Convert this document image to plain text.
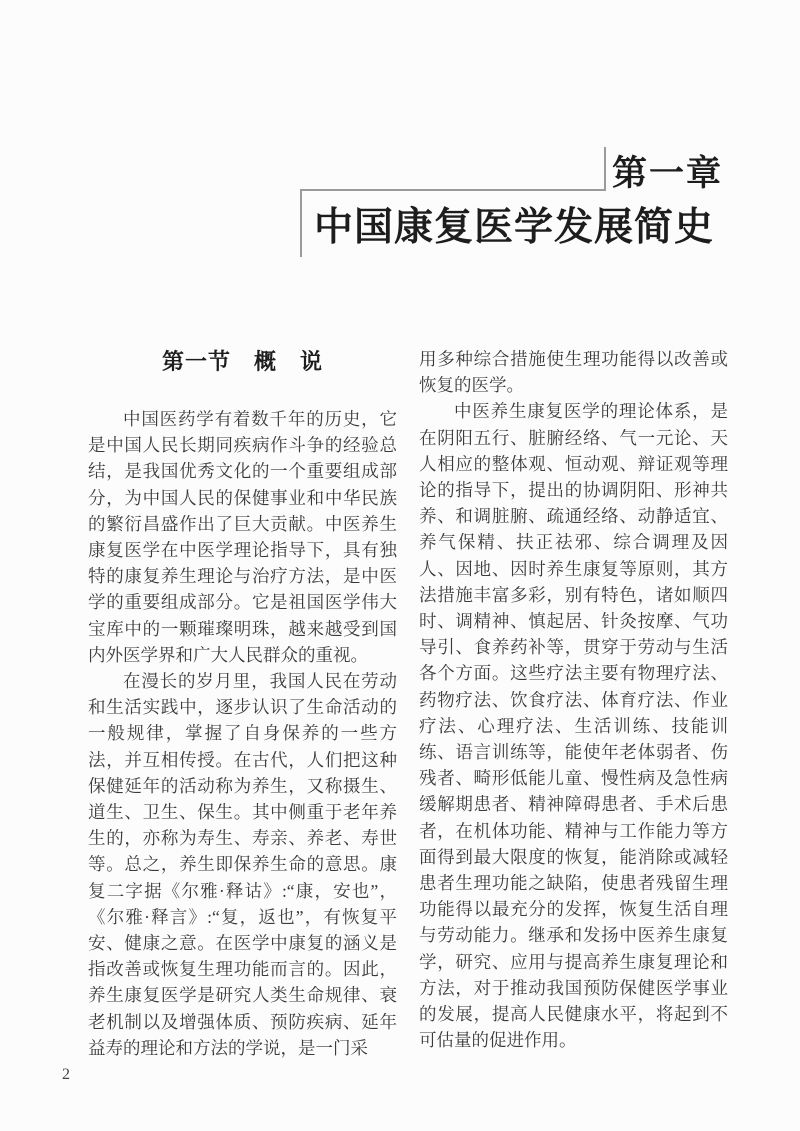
第一章
中国康复医学发展简史
第一节　概　说

中国医药学有着数千年的历史，它是中国人民长期同疾病作斗争的经验总结，是我国优秀文化的一个重要组成部分，为中国人民的保健事业和中华民族的繁衍昌盛作出了巨大贡献。中医养生康复医学在中医学理论指导下，具有独特的康复养生理论与治疗方法，是中医学的重要组成部分。它是祖国医学伟大宝库中的一颗璀璨明珠，越来越受到国内外医学界和广大人民群众的重视。

在漫长的岁月里，我国人民在劳动和生活实践中，逐步认识了生命活动的一般规律，掌握了自身保养的一些方法，并互相传授。在古代，人们把这种保健延年的活动称为养生，又称摄生、道生、卫生、保生。其中侧重于老年养生的，亦称为寿生、寿亲、养老、寿世等。总之，养生即保养生命的意思。康复二字据《尔雅·释诂》:“康，安也”，《尔雅·释言》:“复，返也”，有恢复平安、健康之意。在医学中康复的涵义是指改善或恢复生理功能而言的。因此，养生康复医学是研究人类生命规律、衰老机制以及增强体质、预防疾病、延年益寿的理论和方法的学说，是一门采

用多种综合措施使生理功能得以改善或恢复的医学。

中医养生康复医学的理论体系，是在阴阳五行、脏腑经络、气一元论、天人相应的整体观、恒动观、辩证观等理论的指导下，提出的协调阴阳、形神共养、和调脏腑、疏通经络、动静适宜、养气保精、扶正祛邪、综合调理及因人、因地、因时养生康复等原则，其方法措施丰富多彩，别有特色，诸如顺四时、调精神、慎起居、针灸按摩、气功导引、食养药补等，贯穿于劳动与生活各个方面。这些疗法主要有物理疗法、药物疗法、饮食疗法、体育疗法、作业疗法、心理疗法、生活训练、技能训练、语言训练等，能使年老体弱者、伤残者、畸形低能儿童、慢性病及急性病缓解期患者、精神障碍患者、手术后患者，在机体功能、精神与工作能力等方面得到最大限度的恢复，能消除或减轻患者生理功能之缺陷，使患者残留生理功能得以最充分的发挥，恢复生活自理与劳动能力。继承和发扬中医养生康复学，研究、应用与提高养生康复理论和方法，对于推动我国预防保健医学事业的发展，提高人民健康水平，将起到不可估量的促进作用。

2
